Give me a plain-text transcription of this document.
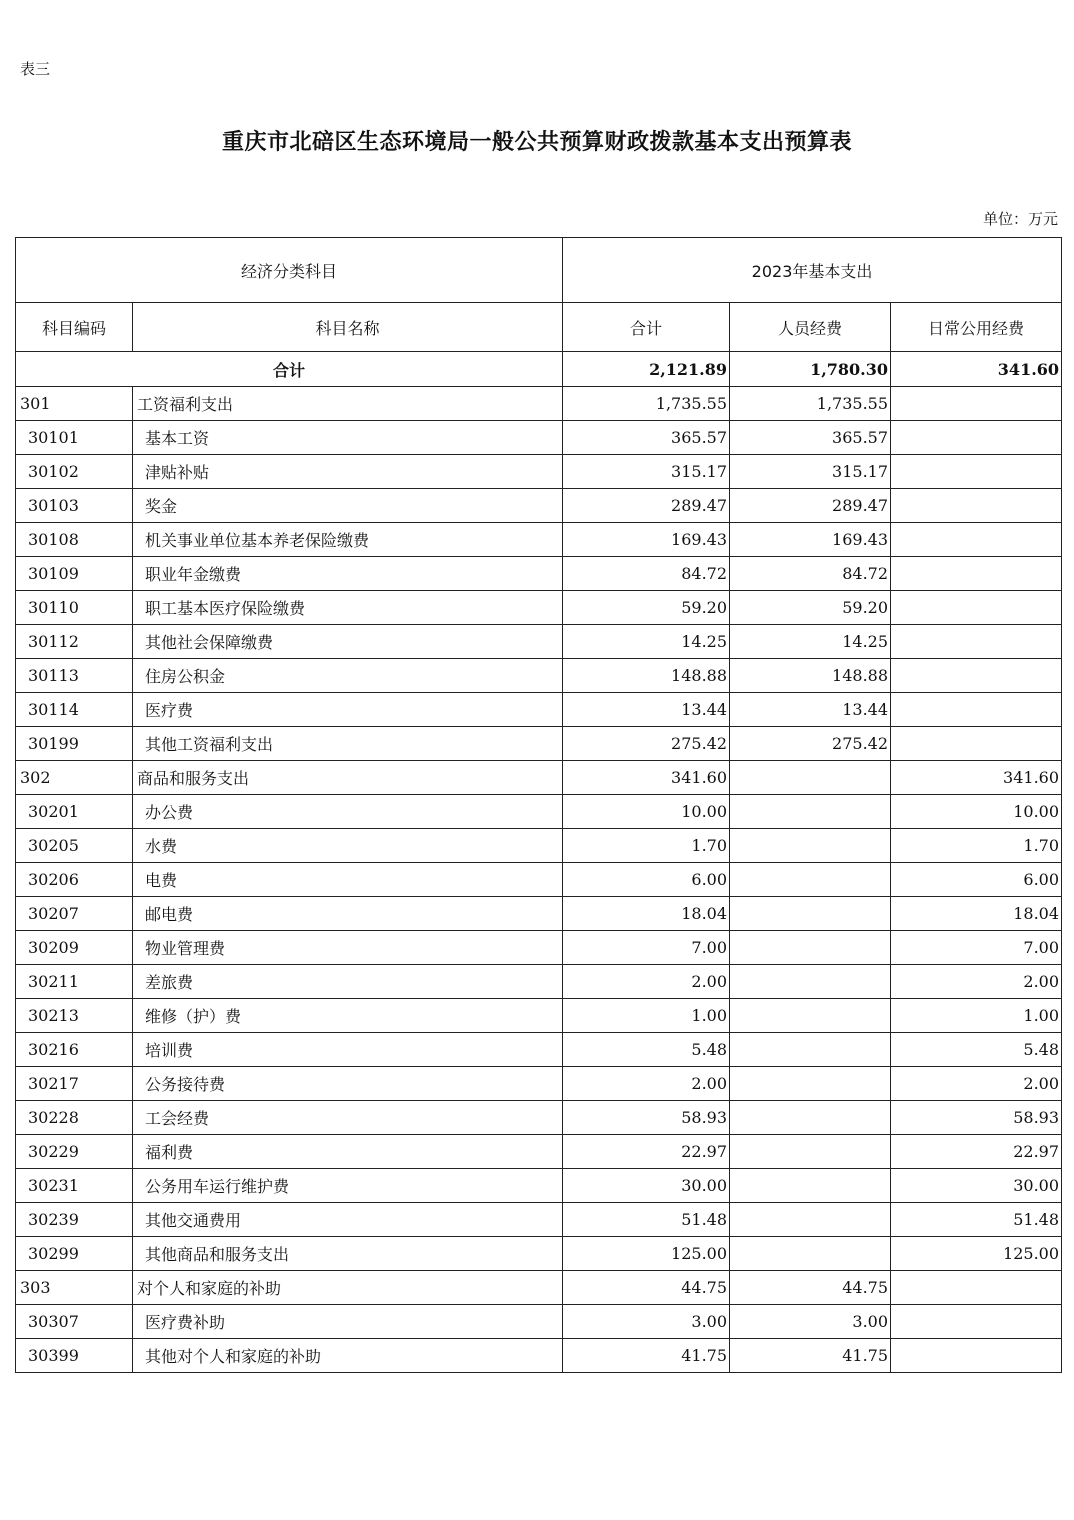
表三
重庆市北碚区生态环境局一般公共预算财政拨款基本支出预算表
单位：万元
经济分类科目		2023年基本支出		
科目编码	科目名称	合计	人员经费	日常公用经费
合计		2,121.89	1,780.30	341.60
301	工资福利支出	1,735.55	1,735.55	
30101	基本工资	365.57	365.57	
30102	津贴补贴	315.17	315.17	
30103	奖金	289.47	289.47	
30108	机关事业单位基本养老保险缴费	169.43	169.43	
30109	职业年金缴费	84.72	84.72	
30110	职工基本医疗保险缴费	59.20	59.20	
30112	其他社会保障缴费	14.25	14.25	
30113	住房公积金	148.88	148.88	
30114	医疗费	13.44	13.44	
30199	其他工资福利支出	275.42	275.42	
302	商品和服务支出	341.60		341.60
30201	办公费	10.00		10.00
30205	水费	1.70		1.70
30206	电费	6.00		6.00
30207	邮电费	18.04		18.04
30209	物业管理费	7.00		7.00
30211	差旅费	2.00		2.00
30213	维修（护）费	1.00		1.00
30216	培训费	5.48		5.48
30217	公务接待费	2.00		2.00
30228	工会经费	58.93		58.93
30229	福利费	22.97		22.97
30231	公务用车运行维护费	30.00		30.00
30239	其他交通费用	51.48		51.48
30299	其他商品和服务支出	125.00		125.00
303	对个人和家庭的补助	44.75	44.75	
30307	医疗费补助	3.00	3.00	
30399	其他对个人和家庭的补助	41.75	41.75	
